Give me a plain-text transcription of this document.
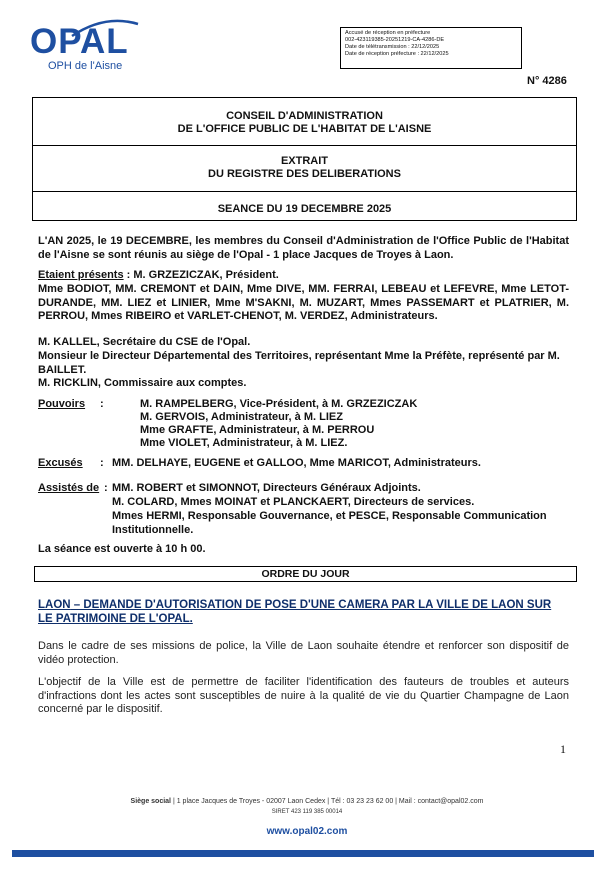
OPAL
OPH de l'Aisne
Accusé de réception en préfecture
002-423119385-20251219-CA-4286-DE
Date de télétransmission : 22/12/2025
Date de réception préfecture : 22/12/2025
N° 4286
CONSEIL D'ADMINISTRATION
DE L'OFFICE PUBLIC DE L'HABITAT DE L'AISNE
EXTRAIT
DU REGISTRE DES DELIBERATIONS
SEANCE DU 19 DECEMBRE 2025
L'AN 2025, le 19 DECEMBRE, les membres du Conseil d'Administration de l'Office Public de l'Habitat de l'Aisne se sont réunis au siège de l'Opal - 1 place Jacques de Troyes à Laon.
Etaient présents : M. GRZEZICZAK, Président.
Mme BODIOT, MM. CREMONT et DAIN, Mme DIVE, MM. FERRAI, LEBEAU et LEFEVRE, Mme LETOT-DURANDE, MM. LIEZ et LINIER, Mme M'SAKNI, M. MUZART, Mmes PASSEMART et PLATRIER, M. PERROU, Mmes RIBEIRO et VARLET-CHENOT, M. VERDEZ, Administrateurs.
M. KALLEL, Secrétaire du CSE de l'Opal.
Monsieur le Directeur Départemental des Territoires, représentant Mme la Préfète, représenté par M. BAILLET.
M. RICKLIN, Commissaire aux comptes.
Pouvoirs :	M. RAMPELBERG, Vice-Président, à M. GRZEZICZAK
M. GERVOIS, Administrateur, à M. LIEZ
Mme GRAFTE, Administrateur, à M. PERROU
Mme VIOLET, Administrateur, à M. LIEZ.
Excusés : MM. DELHAYE, EUGENE et GALLOO, Mme MARICOT, Administrateurs.
Assistés de : MM. ROBERT et SIMONNOT, Directeurs Généraux Adjoints.
M. COLARD, Mmes MOINAT et PLANCKAERT, Directeurs de services.
Mmes HERMI, Responsable Gouvernance, et PESCE, Responsable Communication Institutionnelle.
La séance est ouverte à 10 h 00.
ORDRE DU JOUR
LAON – DEMANDE D'AUTORISATION DE POSE D'UNE CAMERA PAR LA VILLE DE LAON SUR LE PATRIMOINE DE L'OPAL.
Dans le cadre de ses missions de police, la Ville de Laon souhaite étendre et renforcer son dispositif de vidéo protection.
L'objectif de la Ville est de permettre de faciliter l'identification des fauteurs de troubles et auteurs d'infractions dont les actes sont susceptibles de nuire à la qualité de vie du Quartier Champagne de Laon concerné par le dispositif.
1
Siège social | 1 place Jacques de Troyes - 02007 Laon Cedex | Tél : 03 23 23 62 00 | Mail : contact@opal02.com
SIRET 423 119 385 00014
www.opal02.com
